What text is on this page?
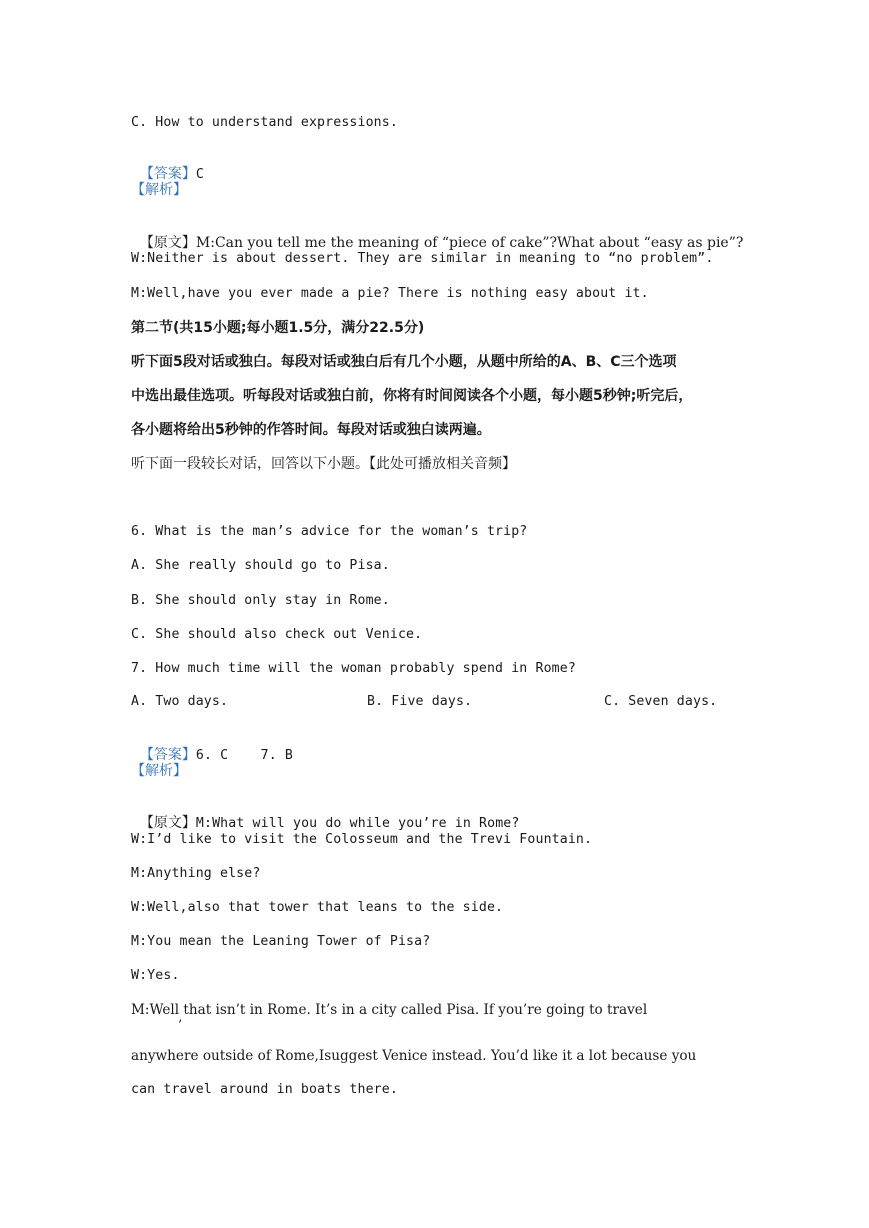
C. How to understand expressions.

【答案】C

【解析】

【原文】M:Can you tell me the meaning of “piece of cake”?What about “easy as pie”?

W:Neither is about dessert. They are similar in meaning to “no problem”.
M:Well,have you ever made a pie? There is nothing easy about it.
第二节(共15小题;每小题1.5分，满分22.5分)
听下面5段对话或独白。每段对话或独白后有几个小题，从题中所给的A、B、C三个选项
中选出最佳选项。听每段对话或独白前，你将有时间阅读各个小题，每小题5秒钟;听完后，
各小题将给出5秒钟的作答时间。每段对话或独白读两遍。
听下面一段较长对话，回答以下小题。【此处可播放相关音频】
6. What is the man’s advice for the woman’s trip?
A. She really should go to Pisa.
B. She should only stay in Rome.
C. She should also check out Venice.
7. How much time will the woman probably spend in Rome?
A. Two days.	B. Five days.	C. Seven days.

【答案】6. C    7. B

【解析】

【原文】M:What will you do while you’re in Rome?

W:I’d like to visit the Colosseum and the Trevi Fountain.
M:Anything else?
W:Well,also that tower that leans to the side.
M:You mean the Leaning Tower of Pisa?
W:Yes.
M:Well that isn’t in Rome. It’s in a city called Pisa. If you’re going to travel
’
anywhere outside of Rome,Isuggest Venice instead. You’d like it a lot because you
can travel around in boats there.
